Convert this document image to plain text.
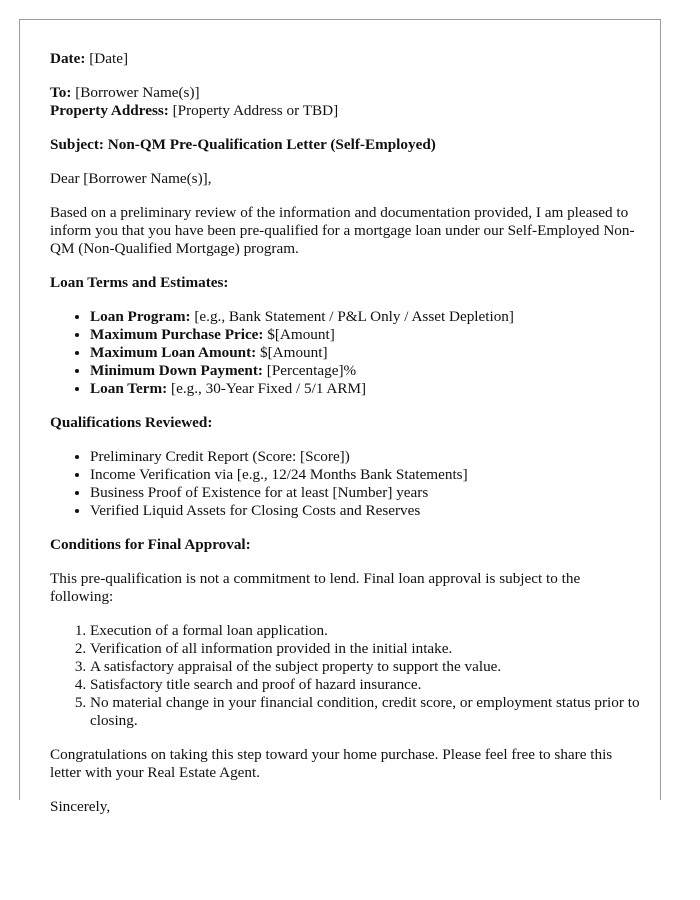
Date: [Date]

To: [Borrower Name(s)]

Property Address: [Property Address or TBD]

Subject: Non-QM Pre-Qualification Letter (Self-Employed)

Dear [Borrower Name(s)],

Based on a preliminary review of the information and documentation provided, I am pleased to inform you that you have been pre-qualified for a mortgage loan under our Self-Employed Non-QM (Non-Qualified Mortgage) program.

Loan Terms and Estimates:

• Loan Program: [e.g., Bank Statement / P&L Only / Asset Depletion]
• Maximum Purchase Price: $[Amount]
• Maximum Loan Amount: $[Amount]
• Minimum Down Payment: [Percentage]%
• Loan Term: [e.g., 30-Year Fixed / 5/1 ARM]

Qualifications Reviewed:

• Preliminary Credit Report (Score: [Score])
• Income Verification via [e.g., 12/24 Months Bank Statements]
• Business Proof of Existence for at least [Number] years
• Verified Liquid Assets for Closing Costs and Reserves

Conditions for Final Approval:

This pre-qualification is not a commitment to lend. Final loan approval is subject to the following:

1. Execution of a formal loan application.
2. Verification of all information provided in the initial intake.
3. A satisfactory appraisal of the subject property to support the value.
4. Satisfactory title search and proof of hazard insurance.
5. No material change in your financial condition, credit score, or employment status prior to closing.

Congratulations on taking this step toward your home purchase. Please feel free to share this letter with your Real Estate Agent.

Sincerely,
